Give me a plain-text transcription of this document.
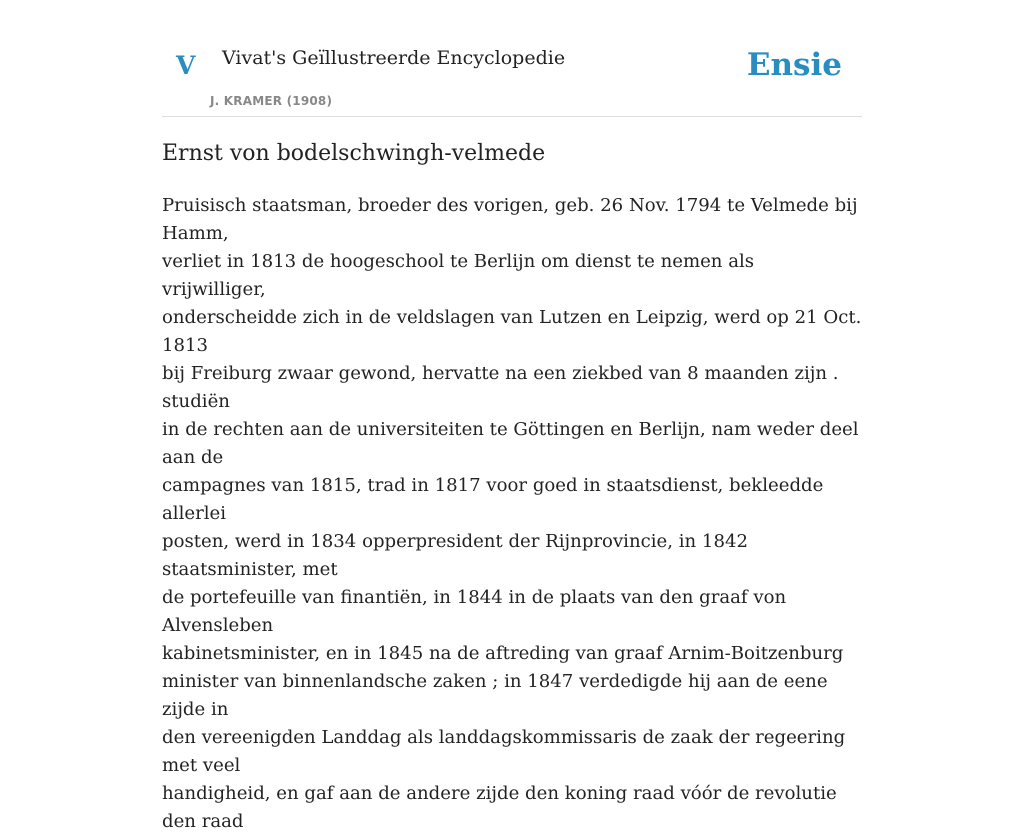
V Vivat's Geïllustreerde Encyclopedie
J. KRAMER (1908)
Ensie
Ernst von bodelschwingh-velmede
Pruisisch staatsman, broeder des vorigen, geb. 26 Nov. 1794 te Velmede bij Hamm,
verliet in 1813 de hoogeschool te Berlijn om dienst te nemen als vrijwilliger,
onderscheidde zich in de veldslagen van Lutzen en Leipzig, werd op 21 Oct. 1813
bij Freiburg zwaar gewond, hervatte na een ziekbed van 8 maanden zijn . studiën
in de rechten aan de universiteiten te Göttingen en Berlijn, nam weder deel aan de
campagnes van 1815, trad in 1817 voor goed in staatsdienst, bekleedde allerlei
posten, werd in 1834 opperpresident der Rijnprovincie, in 1842 staatsminister, met
de portefeuille van finantiën, in 1844 in de plaats van den graaf von Alvensleben
kabinetsminister, en in 1845 na de aftreding van graaf Arnim-Boitzenburg
minister van binnenlandsche zaken ; in 1847 verdedigde hij aan de eene zijde in
den vereenigden Landdag als landdagskommissaris de zaak der regeering met veel
handigheid, en gaf aan de andere zijde den koning raad vóór de revolutie den raad
